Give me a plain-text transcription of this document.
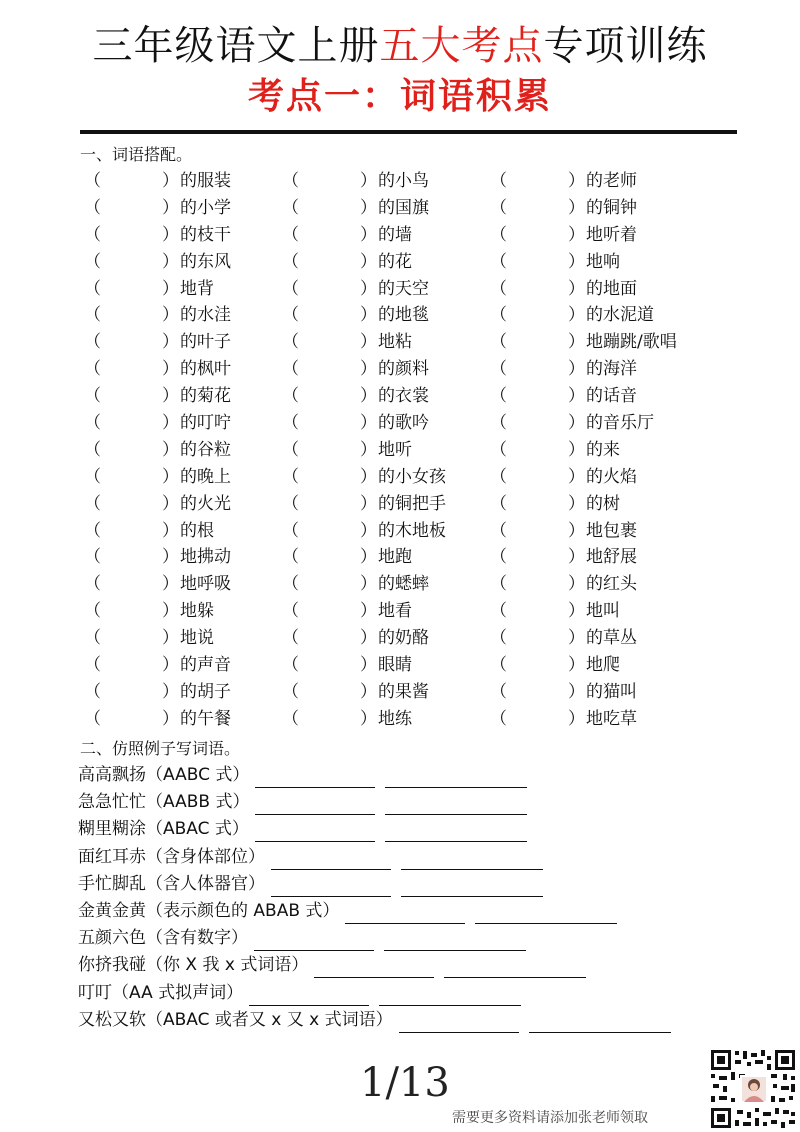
三年级语文上册五大考点专项训练
考点一：词语积累
一、词语搭配。
（	） 的服装	（	） 的小鸟	（	） 的老师
（	） 的小学	（	） 的国旗	（	） 的铜钟
（	） 的枝干	（	） 的墙	（	） 地听着
（	） 的东风	（	） 的花	（	） 地响
（	） 地背	（	） 的天空	（	） 的地面
（	） 的水洼	（	） 的地毯	（	） 的水泥道
（	） 的叶子	（	） 地粘	（	） 地蹦跳/歌唱
（	） 的枫叶	（	） 的颜料	（	） 的海洋
（	） 的菊花	（	） 的衣裳	（	） 的话音
（	） 的叮咛	（	） 的歌吟	（	） 的音乐厅
（	） 的谷粒	（	） 地听	（	） 的来
（	） 的晚上	（	） 的小女孩	（	） 的火焰
（	） 的火光	（	） 的铜把手	（	） 的树
（	） 的根	（	） 的木地板	（	） 地包裹
（	） 地拂动	（	） 地跑	（	） 地舒展
（	） 地呼吸	（	） 的蟋蟀	（	） 的红头
（	） 地躲	（	） 地看	（	） 地叫
（	） 地说	（	） 的奶酪	（	） 的草丛
（	） 的声音	（	） 眼睛	（	） 地爬
（	） 的胡子	（	） 的果酱	（	） 的猫叫
（	） 的午餐	（	） 地练	（	） 地吃草
二、仿照例子写词语。
高高飘扬（AABC 式）
急急忙忙（AABB 式）
糊里糊涂（ABAC 式）
面红耳赤（含身体部位）
手忙脚乱（含人体器官）
金黄金黄（表示颜色的 ABAB 式）
五颜六色（含有数字）
你挤我碰（你 X 我 x 式词语）
叮叮（AA 式拟声词）
又松又软（ABAC 或者又 x 又 x 式词语）
1/13
需要更多资料请添加张老师领取
